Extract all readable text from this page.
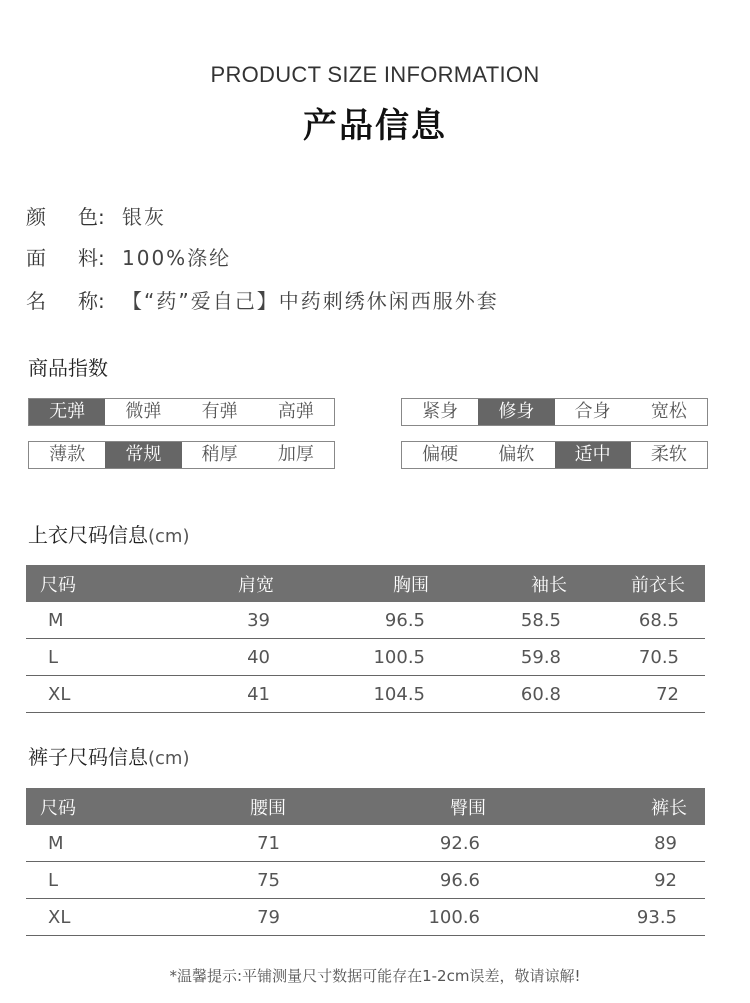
PRODUCT SIZE INFORMATION
产品信息
颜 色: 银灰
面 料: 100%涤纶
名 称: 【“药”爱自己】中药刺绣休闲西服外套
商品指数
无弹	微弹	有弹	高弹	紧身	修身	合身	宽松
薄款	常规	稍厚	加厚	偏硬	偏软	适中	柔软
上衣尺码信息(cm)
尺码	肩宽	胸围	袖长	前衣长
M	39	96.5	58.5	68.5
L	40	100.5	59.8	70.5
XL	41	104.5	60.8	72
裤子尺码信息(cm)
尺码	腰围	臀围	裤长
M	71	92.6	89
L	75	96.6	92
XL	79	100.6	93.5
*温馨提示:平铺测量尺寸数据可能存在1-2cm误差，敬请谅解!
